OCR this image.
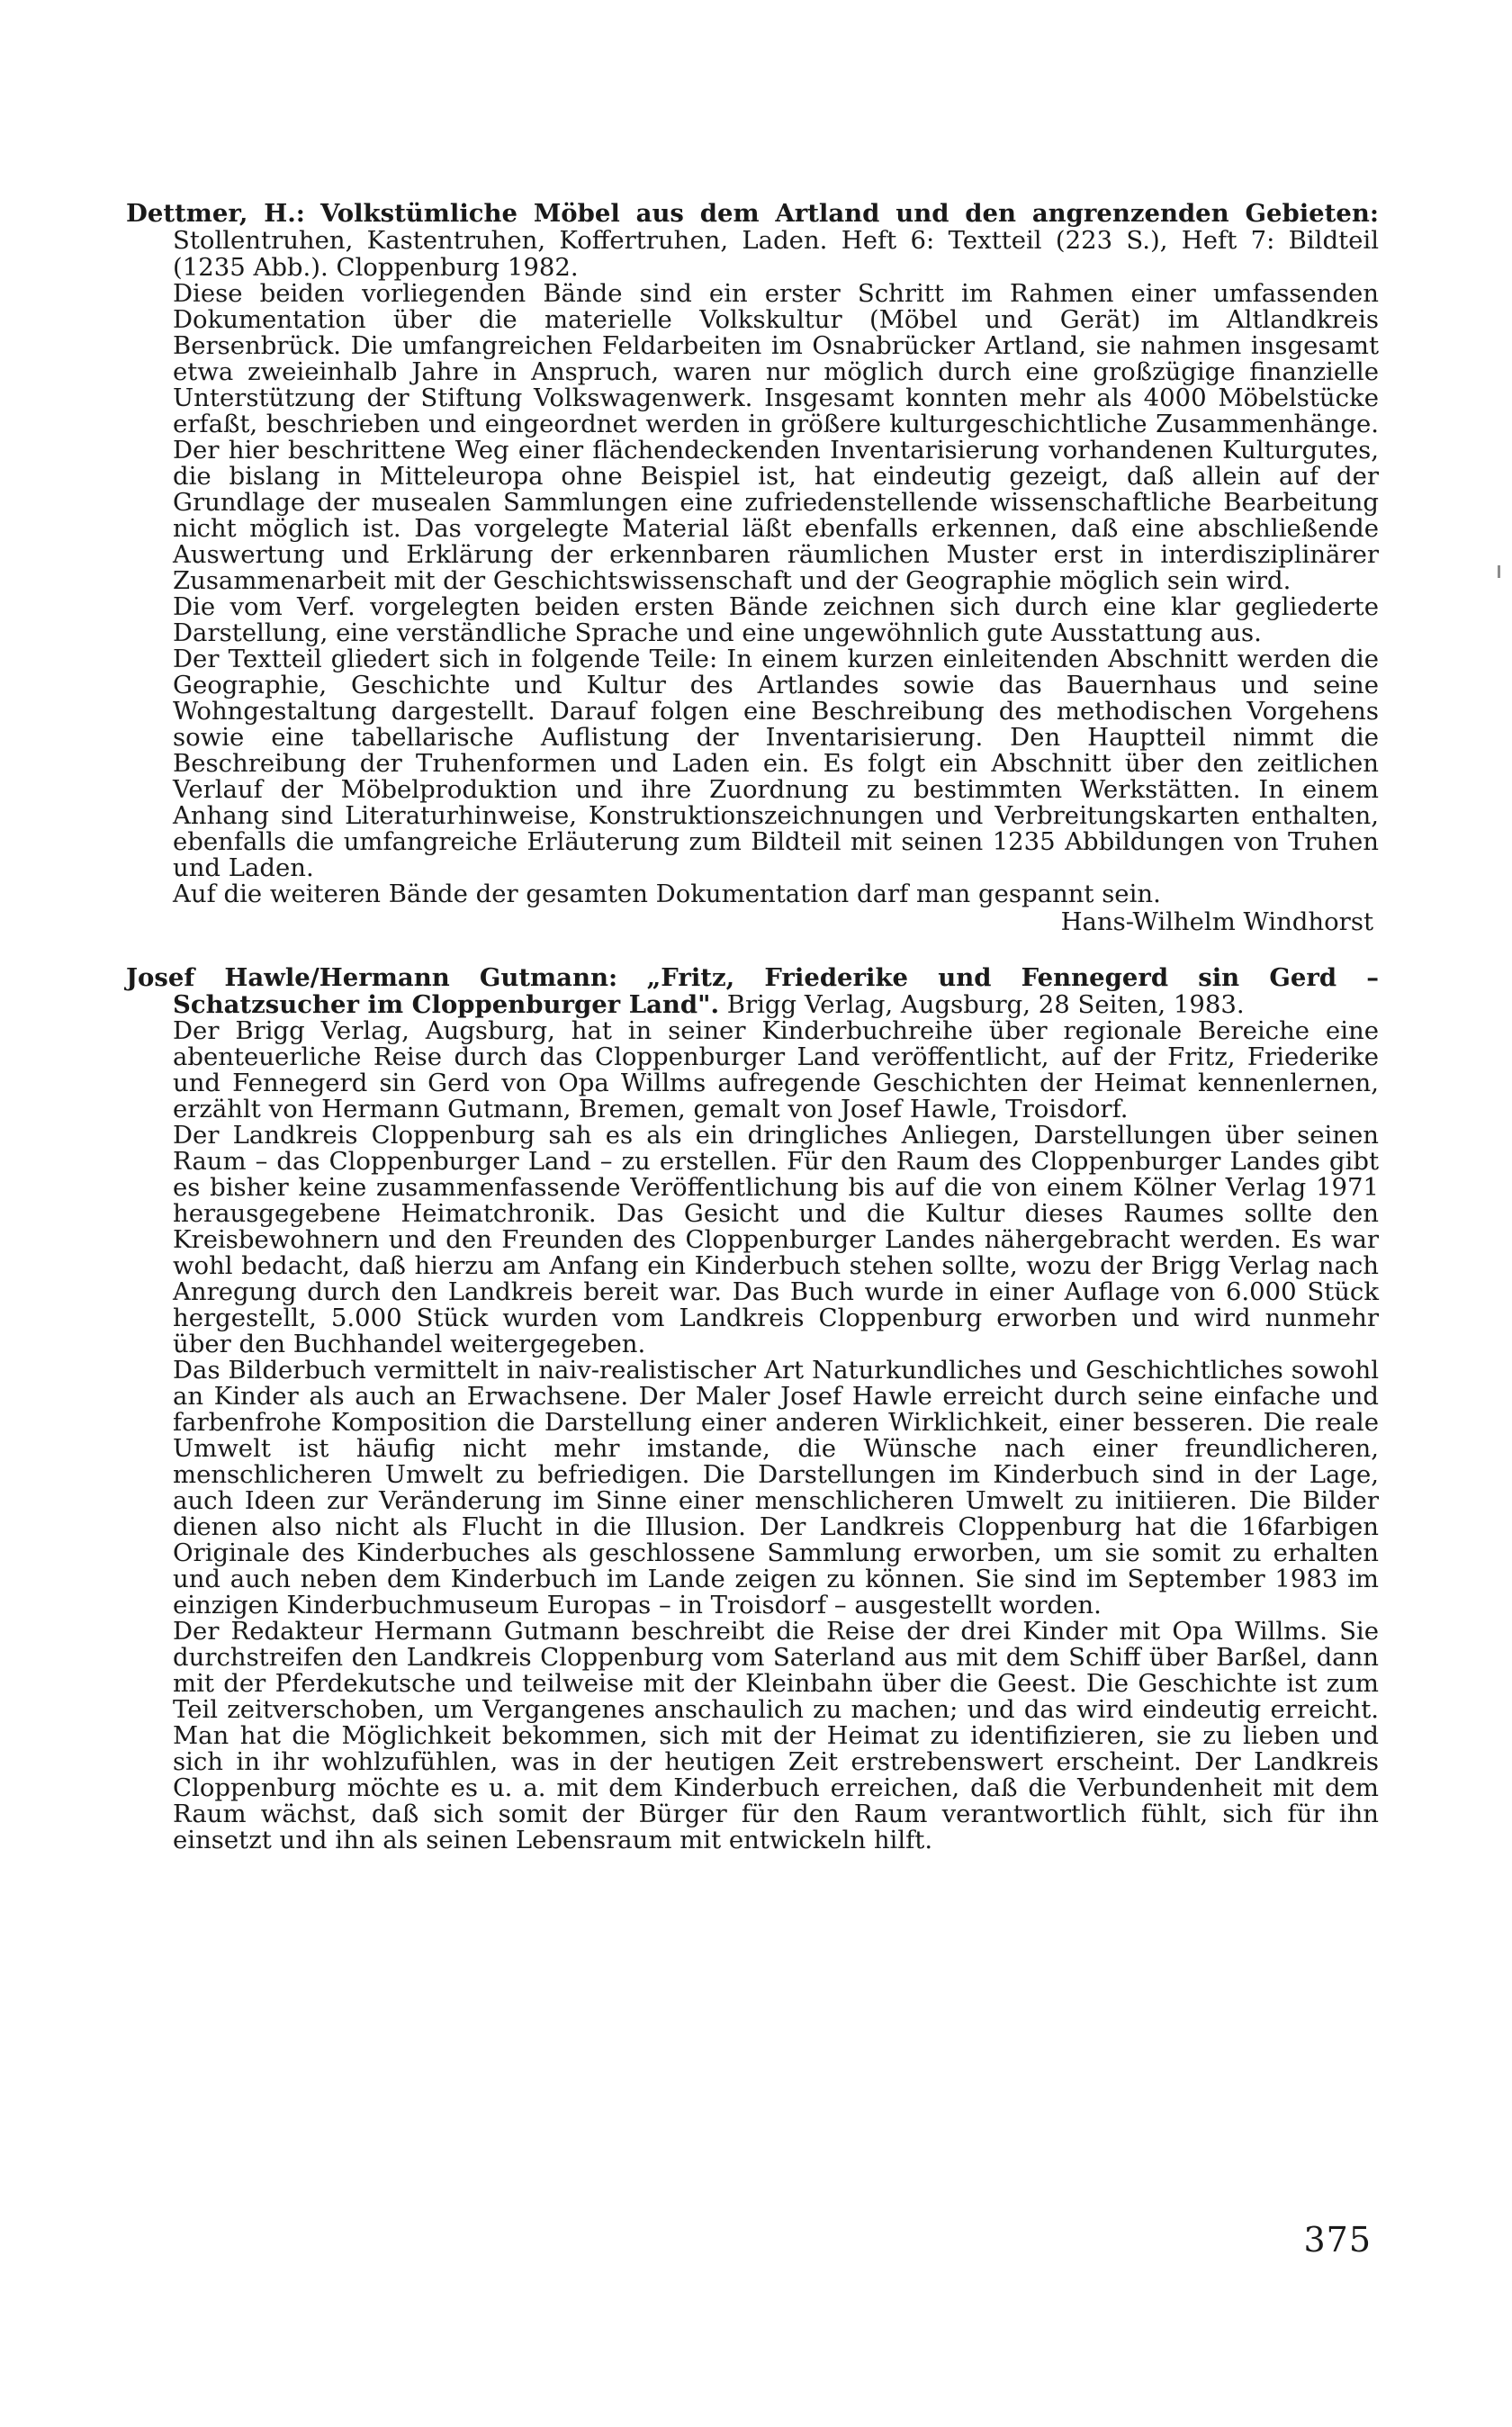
Dettmer, H.: Volkstümliche Möbel aus dem Artland und den angrenzenden Gebieten: Stollentruhen, Kastentruhen, Koffertruhen, Laden. Heft 6: Textteil (223 S.), Heft 7: Bildteil (1235 Abb.). Cloppenburg 1982.

Diese beiden vorliegenden Bände sind ein erster Schritt im Rahmen einer umfassenden Dokumentation über die materielle Volkskultur (Möbel und Gerät) im Altlandkreis Bersenbrück. Die umfangreichen Feldarbeiten im Osnabrücker Artland, sie nahmen insgesamt etwa zweieinhalb Jahre in Anspruch, waren nur möglich durch eine großzügige finanzielle Unterstützung der Stiftung Volkswagenwerk. Insgesamt konnten mehr als 4000 Möbelstücke erfaßt, beschrieben und eingeordnet werden in größere kulturgeschichtliche Zusammenhänge. Der hier beschrittene Weg einer flächendeckenden Inventarisierung vorhandenen Kulturgutes, die bislang in Mitteleuropa ohne Beispiel ist, hat eindeutig gezeigt, daß allein auf der Grundlage der musealen Sammlungen eine zufriedenstellende wissenschaftliche Bearbeitung nicht möglich ist. Das vorgelegte Material läßt ebenfalls erkennen, daß eine abschließende Auswertung und Erklärung der erkennbaren räumlichen Muster erst in interdisziplinärer Zusammenarbeit mit der Geschichtswissenschaft und der Geographie möglich sein wird.

Die vom Verf. vorgelegten beiden ersten Bände zeichnen sich durch eine klar gegliederte Darstellung, eine verständliche Sprache und eine ungewöhnlich gute Ausstattung aus.

Der Textteil gliedert sich in folgende Teile: In einem kurzen einleitenden Abschnitt werden die Geographie, Geschichte und Kultur des Artlandes sowie das Bauernhaus und seine Wohngestaltung dargestellt. Darauf folgen eine Beschreibung des methodischen Vorgehens sowie eine tabellarische Auflistung der Inventarisierung. Den Hauptteil nimmt die Beschreibung der Truhenformen und Laden ein. Es folgt ein Abschnitt über den zeitlichen Verlauf der Möbelproduktion und ihre Zuordnung zu bestimmten Werkstätten. In einem Anhang sind Literaturhinweise, Konstruktionszeichnungen und Verbreitungskarten enthalten, ebenfalls die umfangreiche Erläuterung zum Bildteil mit seinen 1235 Abbildungen von Truhen und Laden.

Auf die weiteren Bände der gesamten Dokumentation darf man gespannt sein.

Hans-Wilhelm Windhorst

Josef Hawle/Hermann Gutmann: „Fritz, Friederike und Fennegerd sin Gerd – Schatzsucher im Cloppenburger Land". Brigg Verlag, Augsburg, 28 Seiten, 1983.

Der Brigg Verlag, Augsburg, hat in seiner Kinderbuchreihe über regionale Bereiche eine abenteuerliche Reise durch das Cloppenburger Land veröffentlicht, auf der Fritz, Friederike und Fennegerd sin Gerd von Opa Willms aufregende Geschichten der Heimat kennenlernen, erzählt von Hermann Gutmann, Bremen, gemalt von Josef Hawle, Troisdorf.

Der Landkreis Cloppenburg sah es als ein dringliches Anliegen, Darstellungen über seinen Raum – das Cloppenburger Land – zu erstellen. Für den Raum des Cloppenburger Landes gibt es bisher keine zusammenfassende Veröffentlichung bis auf die von einem Kölner Verlag 1971 herausgegebene Heimatchronik. Das Gesicht und die Kultur dieses Raumes sollte den Kreisbewohnern und den Freunden des Cloppenburger Landes nähergebracht werden. Es war wohl bedacht, daß hierzu am Anfang ein Kinderbuch stehen sollte, wozu der Brigg Verlag nach Anregung durch den Landkreis bereit war. Das Buch wurde in einer Auflage von 6.000 Stück hergestellt, 5.000 Stück wurden vom Landkreis Cloppenburg erworben und wird nunmehr über den Buchhandel weitergegeben.

Das Bilderbuch vermittelt in naiv-realistischer Art Naturkundliches und Geschichtliches sowohl an Kinder als auch an Erwachsene. Der Maler Josef Hawle erreicht durch seine einfache und farbenfrohe Komposition die Darstellung einer anderen Wirklichkeit, einer besseren. Die reale Umwelt ist häufig nicht mehr imstande, die Wünsche nach einer freundlicheren, menschlicheren Umwelt zu befriedigen. Die Darstellungen im Kinderbuch sind in der Lage, auch Ideen zur Veränderung im Sinne einer menschlicheren Umwelt zu initiieren. Die Bilder dienen also nicht als Flucht in die Illusion. Der Landkreis Cloppenburg hat die 16farbigen Originale des Kinderbuches als geschlossene Sammlung erworben, um sie somit zu erhalten und auch neben dem Kinderbuch im Lande zeigen zu können. Sie sind im September 1983 im einzigen Kinderbuchmuseum Europas – in Troisdorf – ausgestellt worden.

Der Redakteur Hermann Gutmann beschreibt die Reise der drei Kinder mit Opa Willms. Sie durchstreifen den Landkreis Cloppenburg vom Saterland aus mit dem Schiff über Barßel, dann mit der Pferdekutsche und teilweise mit der Kleinbahn über die Geest. Die Geschichte ist zum Teil zeitverschoben, um Vergangenes anschaulich zu machen; und das wird eindeutig erreicht. Man hat die Möglichkeit bekommen, sich mit der Heimat zu identifizieren, sie zu lieben und sich in ihr wohlzufühlen, was in der heutigen Zeit erstrebenswert erscheint. Der Landkreis Cloppenburg möchte es u. a. mit dem Kinderbuch erreichen, daß die Verbundenheit mit dem Raum wächst, daß sich somit der Bürger für den Raum verantwortlich fühlt, sich für ihn einsetzt und ihn als seinen Lebensraum mit entwickeln hilft.

375
